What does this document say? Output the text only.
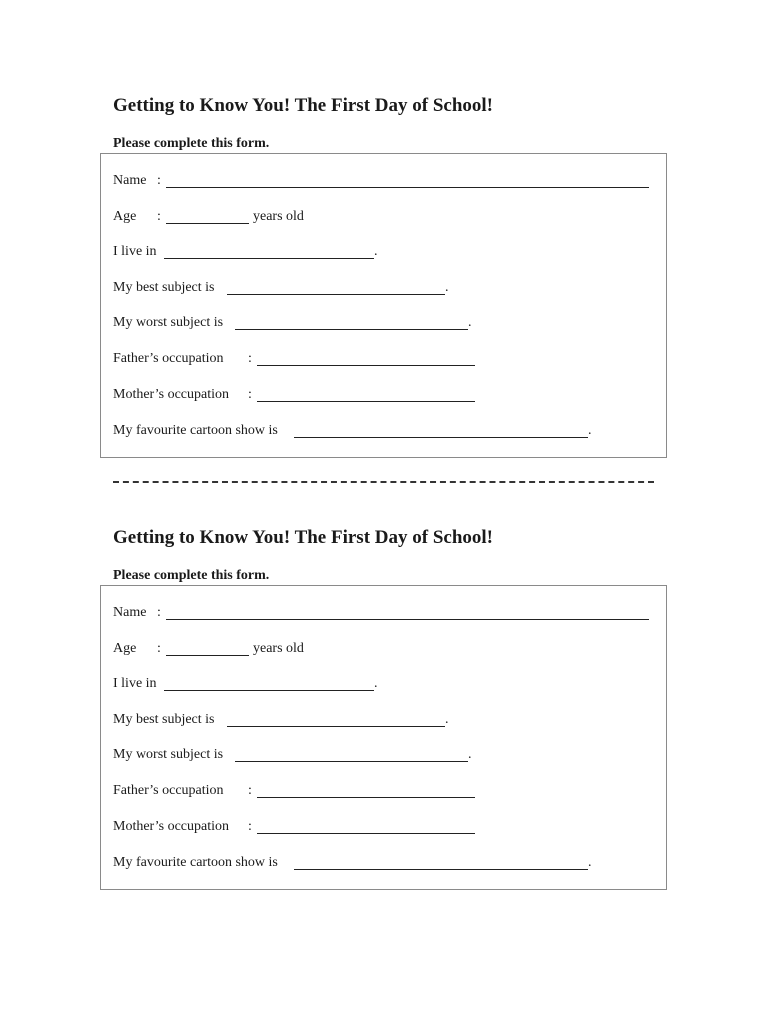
Getting to Know You! The First Day of School!

Please complete this form.

Name :
Age :	years old
I live in	.
My best subject is	.
My worst subject is	.
Father’s occupation :
Mother’s occupation :
My favourite cartoon show is	.
Getting to Know You! The First Day of School!

Please complete this form.

Name :
Age :	years old
I live in	.
My best subject is	.
My worst subject is	.
Father’s occupation :
Mother’s occupation :
My favourite cartoon show is	.
